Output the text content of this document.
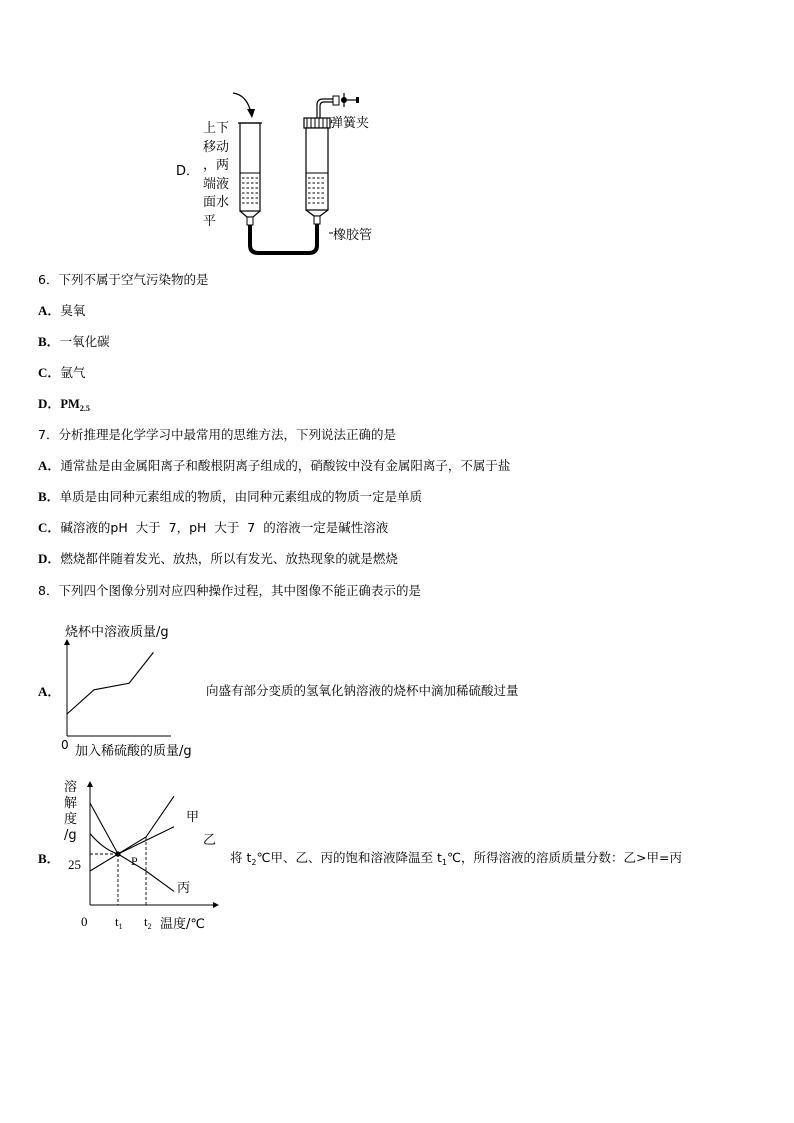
D．
上下
移动
，两
端液
面水
平
弹簧夹
橡胶管
6．下列不属于空气污染物的是
A．臭氧
B．一氧化碳
C．氩气
D．$PM_{2.5}$
7．分析推理是化学学习中最常用的思维方法，下列说法正确的是
A．通常盐是由金属阳离子和酸根阴离子组成的，硝酸铵中没有金属阳离子，不属于盐
B．单质是由同种元素组成的物质，由同种元素组成的物质一定是单质
C．碱溶液的pH  大于  7，pH  大于  7  的溶液一定是碱性溶液
D．燃烧都伴随着发光、放热，所以有发光、放热现象的就是燃烧
8．下列四个图像分别对应四种操作过程，其中图像不能正确表示的是
A．
烧杯中溶液质量/g
0 加入稀硫酸的质量/g
向盛有部分变质的氢氧化钠溶液的烧杯中滴加稀硫酸过量
B．
溶
解
度
/g
25	P
甲
乙
丙
0 $t_1$ $t_2$ 温度/℃
将 $t_2℃$甲、乙、丙的饱和溶液降温至 $t_1℃$，所得溶液的溶质质量分数：乙>甲=丙
